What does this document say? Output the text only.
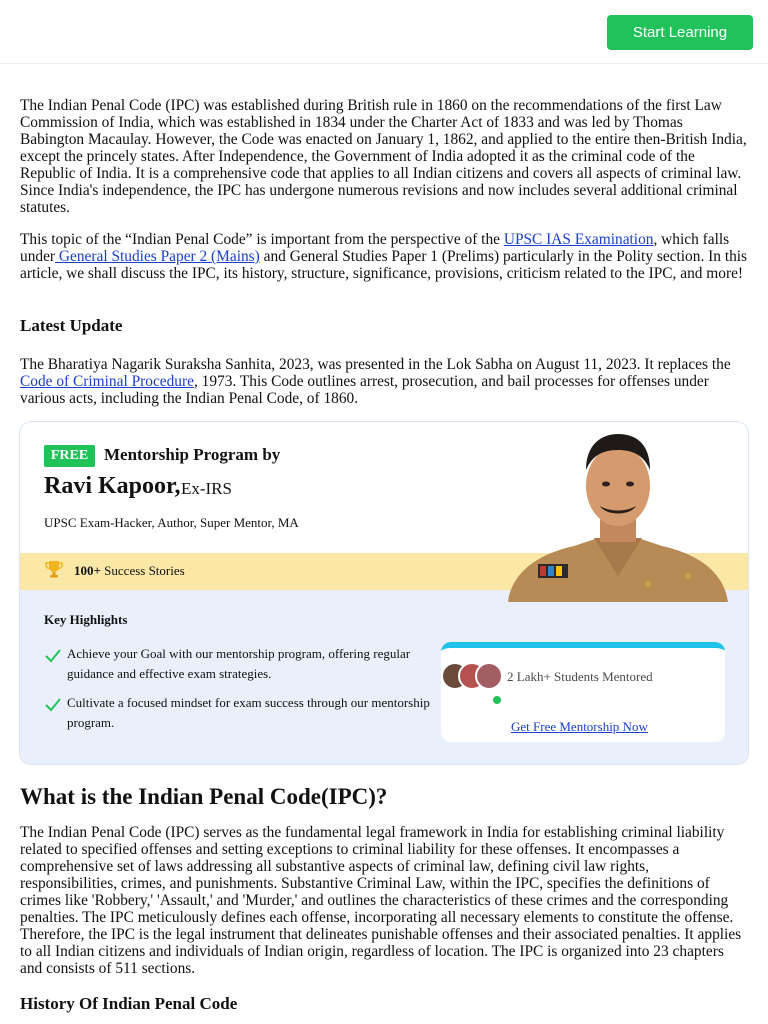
Start Learning

The Indian Penal Code (IPC) was established during British rule in 1860 on the recommendations of the first Law Commission of India, which was established in 1834 under the Charter Act of 1833 and was led by Thomas Babington Macaulay. However, the Code was enacted on January 1, 1862, and applied to the entire then-British India, except the princely states. After Independence, the Government of India adopted it as the criminal code of the Republic of India. It is a comprehensive code that applies to all Indian citizens and covers all aspects of criminal law. Since India's independence, the IPC has undergone numerous revisions and now includes several additional criminal statutes.

This topic of the “Indian Penal Code” is important from the perspective of the UPSC IAS Examination, which falls under General Studies Paper 2 (Mains) and General Studies Paper 1 (Prelims) particularly in the Polity section. In this article, we shall discuss the IPC, its history, structure, significance, provisions, criticism related to the IPC, and more!

Latest Update

The Bharatiya Nagarik Suraksha Sanhita, 2023, was presented in the Lok Sabha on August 11, 2023. It replaces the Code of Criminal Procedure, 1973. This Code outlines arrest, prosecution, and bail processes for offenses under various acts, including the Indian Penal Code, of 1860.

FREE Mentorship Program by
Ravi Kapoor, Ex-IRS
UPSC Exam-Hacker, Author, Super Mentor, MA
100+ Success Stories
Key Highlights
Achieve your Goal with our mentorship program, offering regular guidance and effective exam strategies.
Cultivate a focused mindset for exam success through our mentorship program.
2 Lakh+ Students Mentored
Get Free Mentorship Now
What is the Indian Penal Code(IPC)?

The Indian Penal Code (IPC) serves as the fundamental legal framework in India for establishing criminal liability related to specified offenses and setting exceptions to criminal liability for these offenses. It encompasses a comprehensive set of laws addressing all substantive aspects of criminal law, defining civil law rights, responsibilities, crimes, and punishments. Substantive Criminal Law, within the IPC, specifies the definitions of crimes like 'Robbery,' 'Assault,' and 'Murder,' and outlines the characteristics of these crimes and the corresponding penalties. The IPC meticulously defines each offense, incorporating all necessary elements to constitute the offense. Therefore, the IPC is the legal instrument that delineates punishable offenses and their associated penalties. It applies to all Indian citizens and individuals of Indian origin, regardless of location. The IPC is organized into 23 chapters and consists of 511 sections.

History Of Indian Penal Code
